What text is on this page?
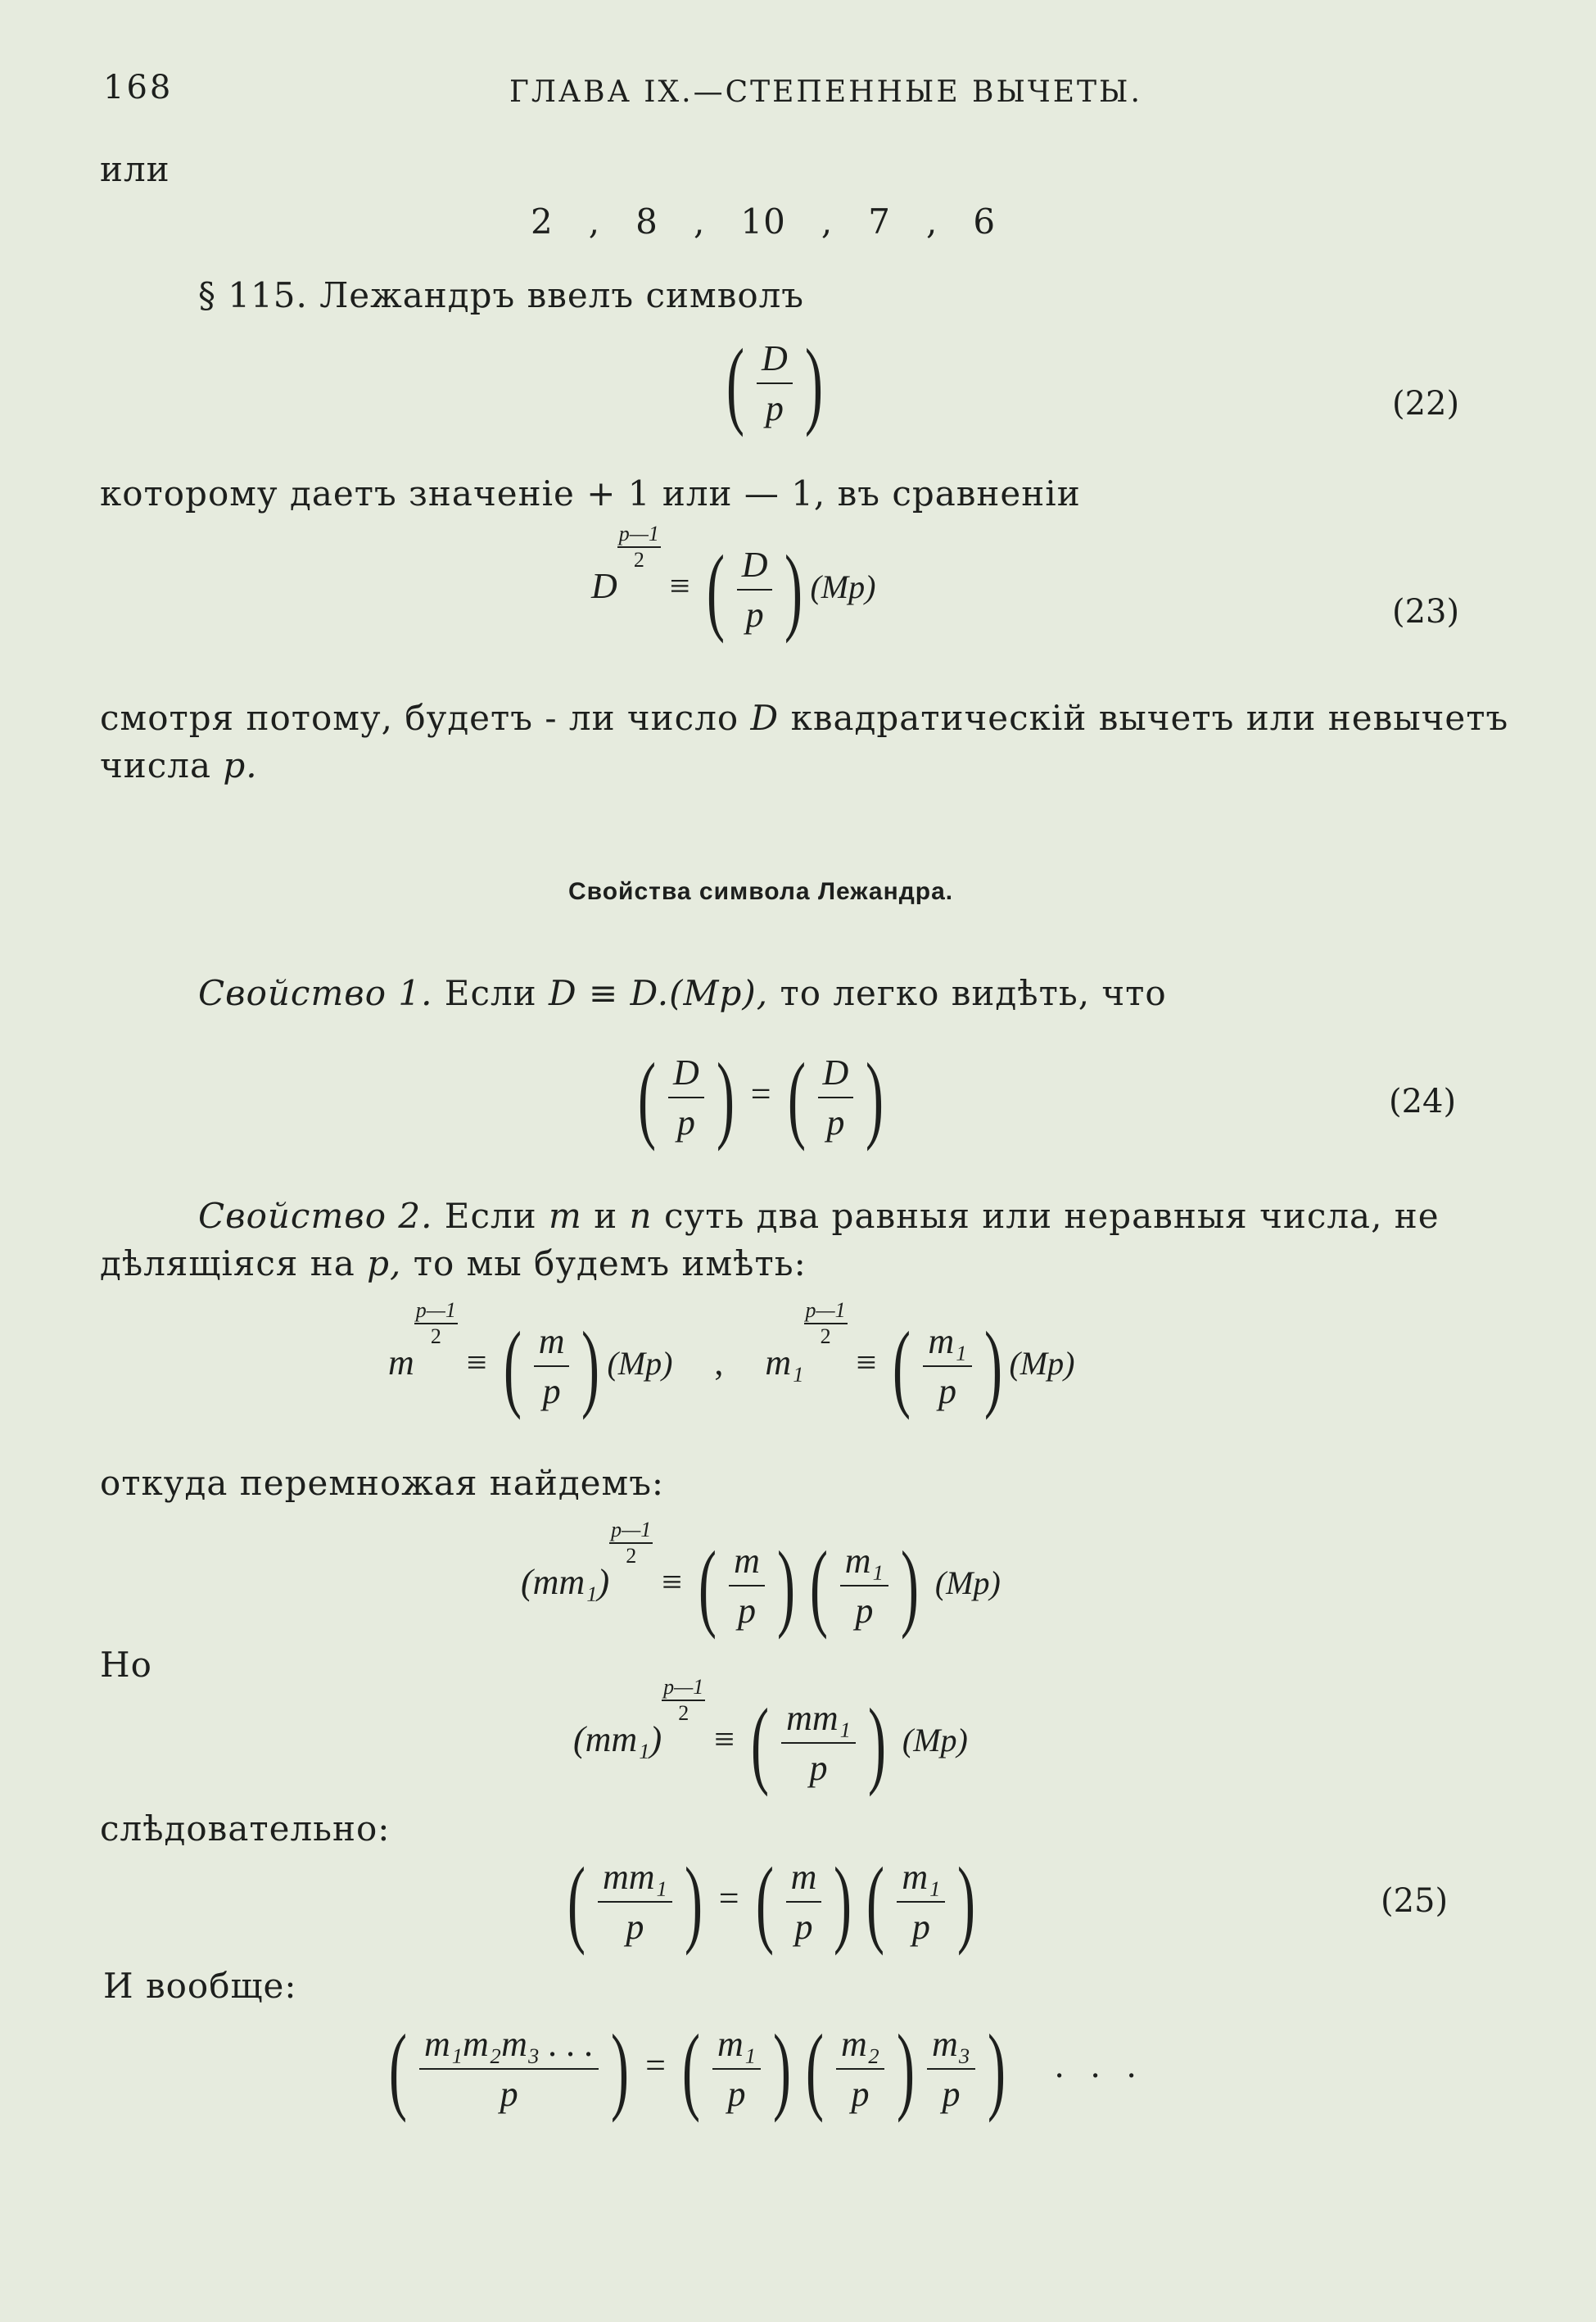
168	ГЛАВА IX.—СТЕПЕННЫЕ ВЫЧЕТЫ.
или
2   ,   8   ,   10   ,   7   ,   6
§ 115. Лежандръ ввелъ символъ
( $\frac{D}{p}$ )	(22)
которому даетъ значеніе + 1 или — 1, въ сравненіи
D
$\frac{p—1}{2}$
≡ ( $\frac{D}{p}$ ) (Mp)
(23)
смотря потому, будетъ - ли число D квадратическій вычетъ или невычетъ
числа p.
Свойства символа Лежандра.
Свойство 1. Если D ≡ D.(Mp), то легко видѣть, что
( $\frac{D}{p}$ ) = ( $\frac{D}{p}$ )	(24)
Свойство 2. Если m и n суть два равныя или неравныя числа, не
дѣлящіяся на p, то мы будемъ имѣть:
m
$\frac{p—1}{2}$
≡ ( $\frac{m}{p}$ ) (Mp) , m₁
$\frac{p—1}{2}$
≡ ( $\frac{\text{m₁}}{p}$ ) (Mp)
откуда перемножая найдемъ:
(mm₁)
$\frac{p—1}{2}$
≡ ( $\frac{m}{p}$ ) ( $\frac{\text{m₁}}{p}$ ) (Mp)
Но
(mm₁)
$\frac{p—1}{2}$
≡ ( $\frac{\text{mm₁}}{p}$ ) (Mp)
слѣдовательно:
( $\frac{\text{mm₁}}{p}$ ) = ( $\frac{m}{p}$ ) ( $\frac{\text{m₁}}{p}$ )	(25)
И вообще:
( $\frac{\text{m₁m₂m₃ . . .}}{p}$ ) = ( $\frac{\text{m₁}}{p}$ ) ( $\frac{\text{m₂}}{p}$ ) $\frac{\text{m₃}}{p}$ ) .   .   .
